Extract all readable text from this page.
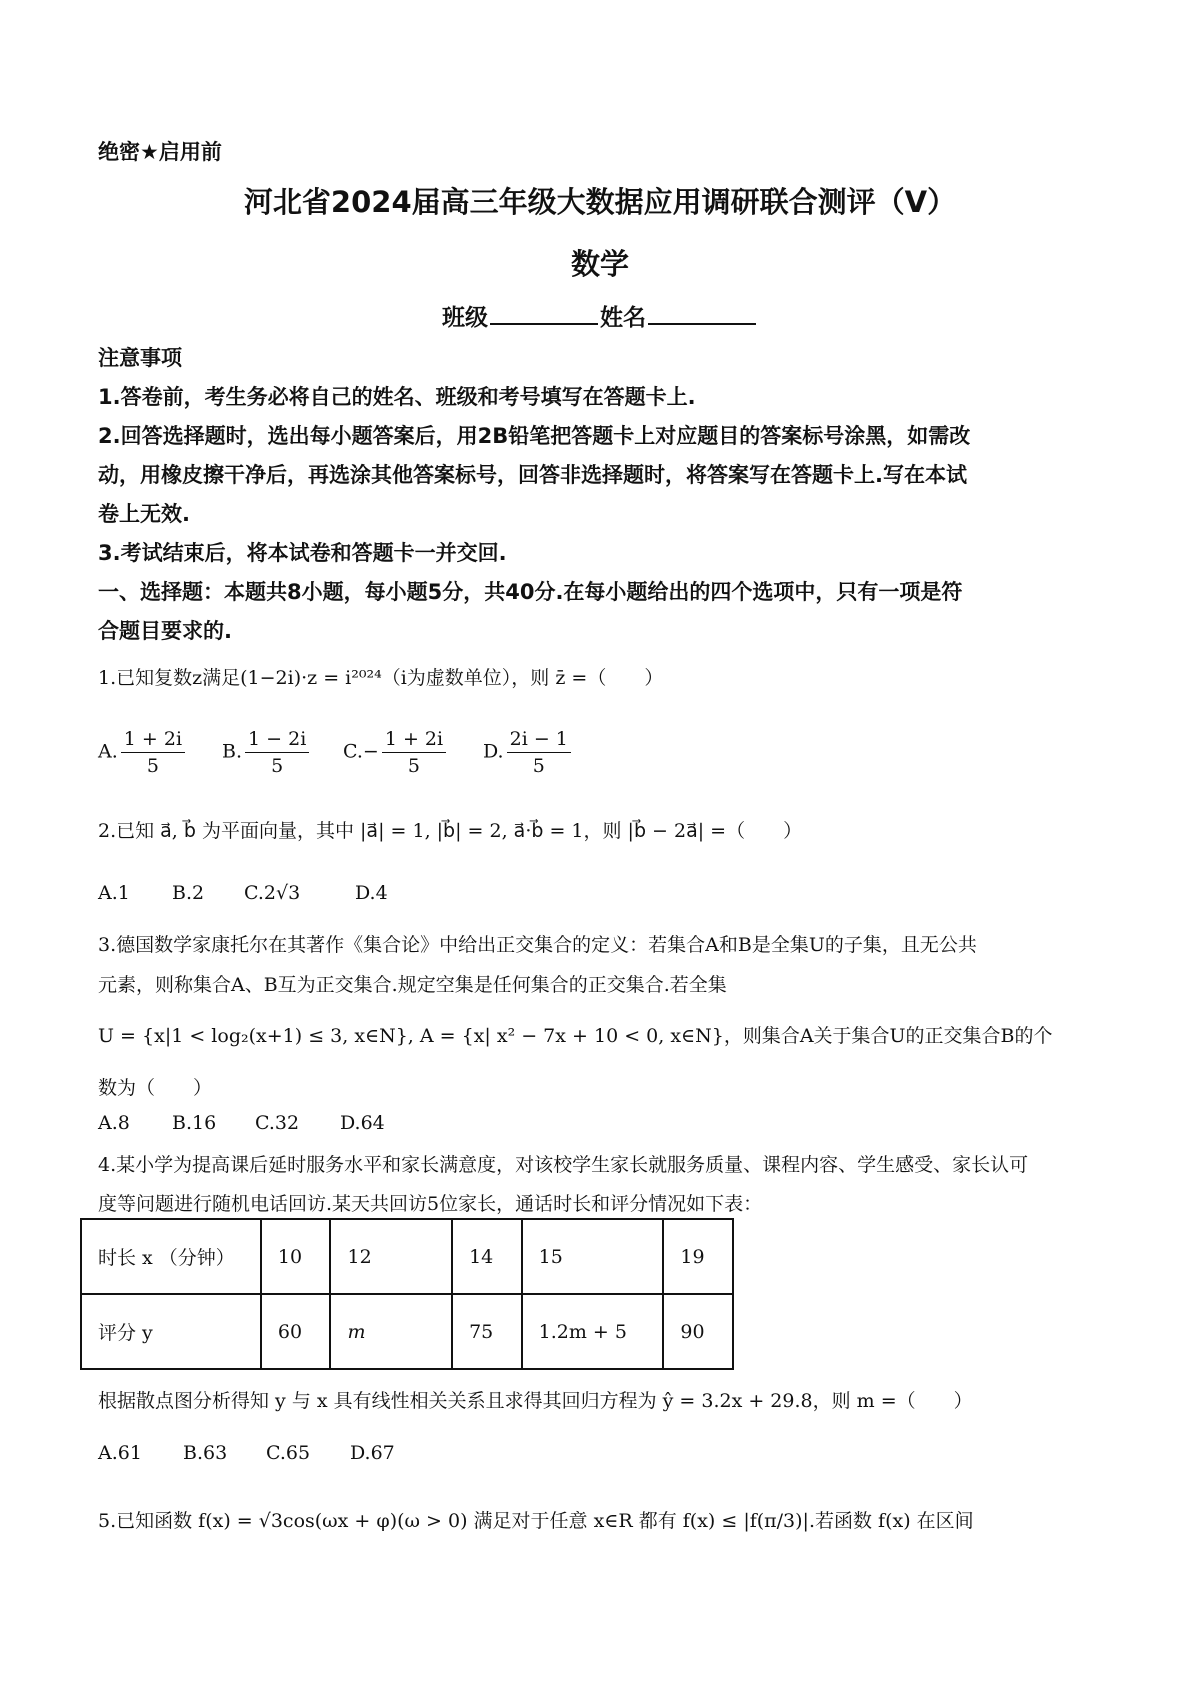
绝密★启用前
河北省2024届高三年级大数据应用调研联合测评（V）
数学
班级	姓名
注意事项
1.答卷前，考生务必将自己的姓名、班级和考号填写在答题卡上.
2.回答选择题时，选出每小题答案后，用2B铅笔把答题卡上对应题目的答案标号涂黑，如需改
动，用橡皮擦干净后，再选涂其他答案标号，回答非选择题时，将答案写在答题卡上.写在本试
卷上无效.
3.考试结束后，将本试卷和答题卡一并交回.
一、选择题：本题共8小题，每小题5分，共40分.在每小题给出的四个选项中，只有一项是符
合题目要求的.
1.已知复数z满足(1−2i)·z = i²⁰²⁴（i为虚数单位），则 z̄ =（　　）
A. $\frac{1 + 2i}{5} B$. $\frac{1 - 2i}{5} C.- \frac{1 + 2i}{5} D$. $\frac{2i - 1}{5}$
2.已知 a⃗, b⃗ 为平面向量，其中 |a⃗| = 1, |b⃗| = 2, a⃗·b⃗ = 1，则 |b⃗ − 2a⃗| =（　　）
A.1 B.2 C.2√3	D.4
3.德国数学家康托尔在其著作《集合论》中给出正交集合的定义：若集合A和B是全集U的子集，且无公共
元素，则称集合A、B互为正交集合.规定空集是任何集合的正交集合.若全集
U = {x|1 < log₂(x+1) ≤ 3, x∈N}, A = {x| x² − 7x + 10 < 0, x∈N}，则集合A关于集合U的正交集合B的个
数为（　　）
A.8 B.16 C.32 D.64
4.某小学为提高课后延时服务水平和家长满意度，对该校学生家长就服务质量、课程内容、学生感受、家长认可
度等问题进行随机电话回访.某天共回访5位家长，通话时长和评分情况如下表：
时长 x （分钟）	10	12	14	15	19
评分 y	60	m	75	1.2m + 5	90
根据散点图分析得知 y 与 x 具有线性相关关系且求得其回归方程为 ŷ = 3.2x + 29.8，则 m =（　　）
A.61 B.63 C.65 D.67
5.已知函数 f(x) = √3cos(ωx + φ)(ω > 0) 满足对于任意 x∈R 都有 f(x) ≤ |f(π/3)|.若函数 f(x) 在区间
